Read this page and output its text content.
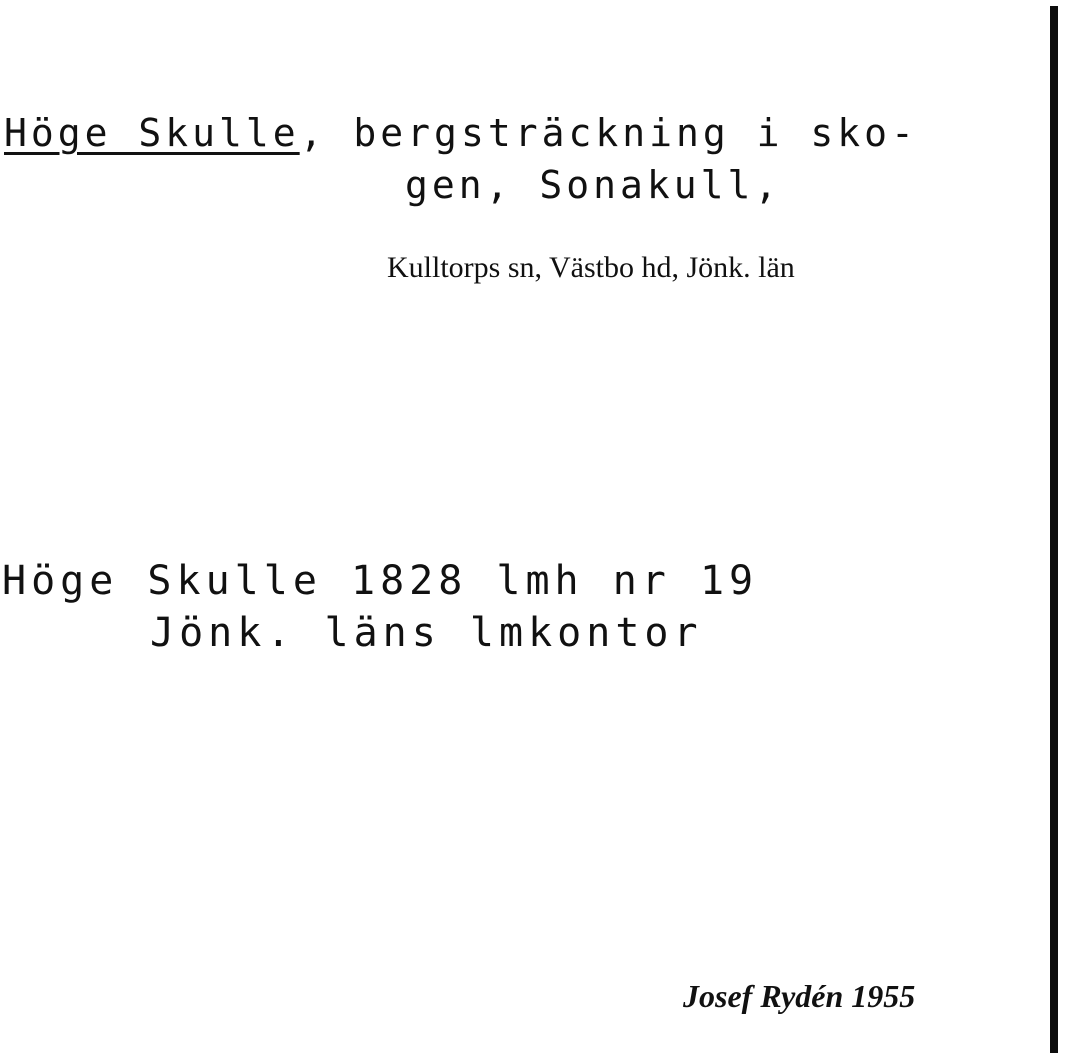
Höge Skulle, bergsträckning i sko-
gen, Sonakull,
Kulltorps sn, Västbo hd, Jönk. län
Höge Skulle 1828 lmh nr 19
Jönk. läns lmkontor
Josef Rydén 1955
